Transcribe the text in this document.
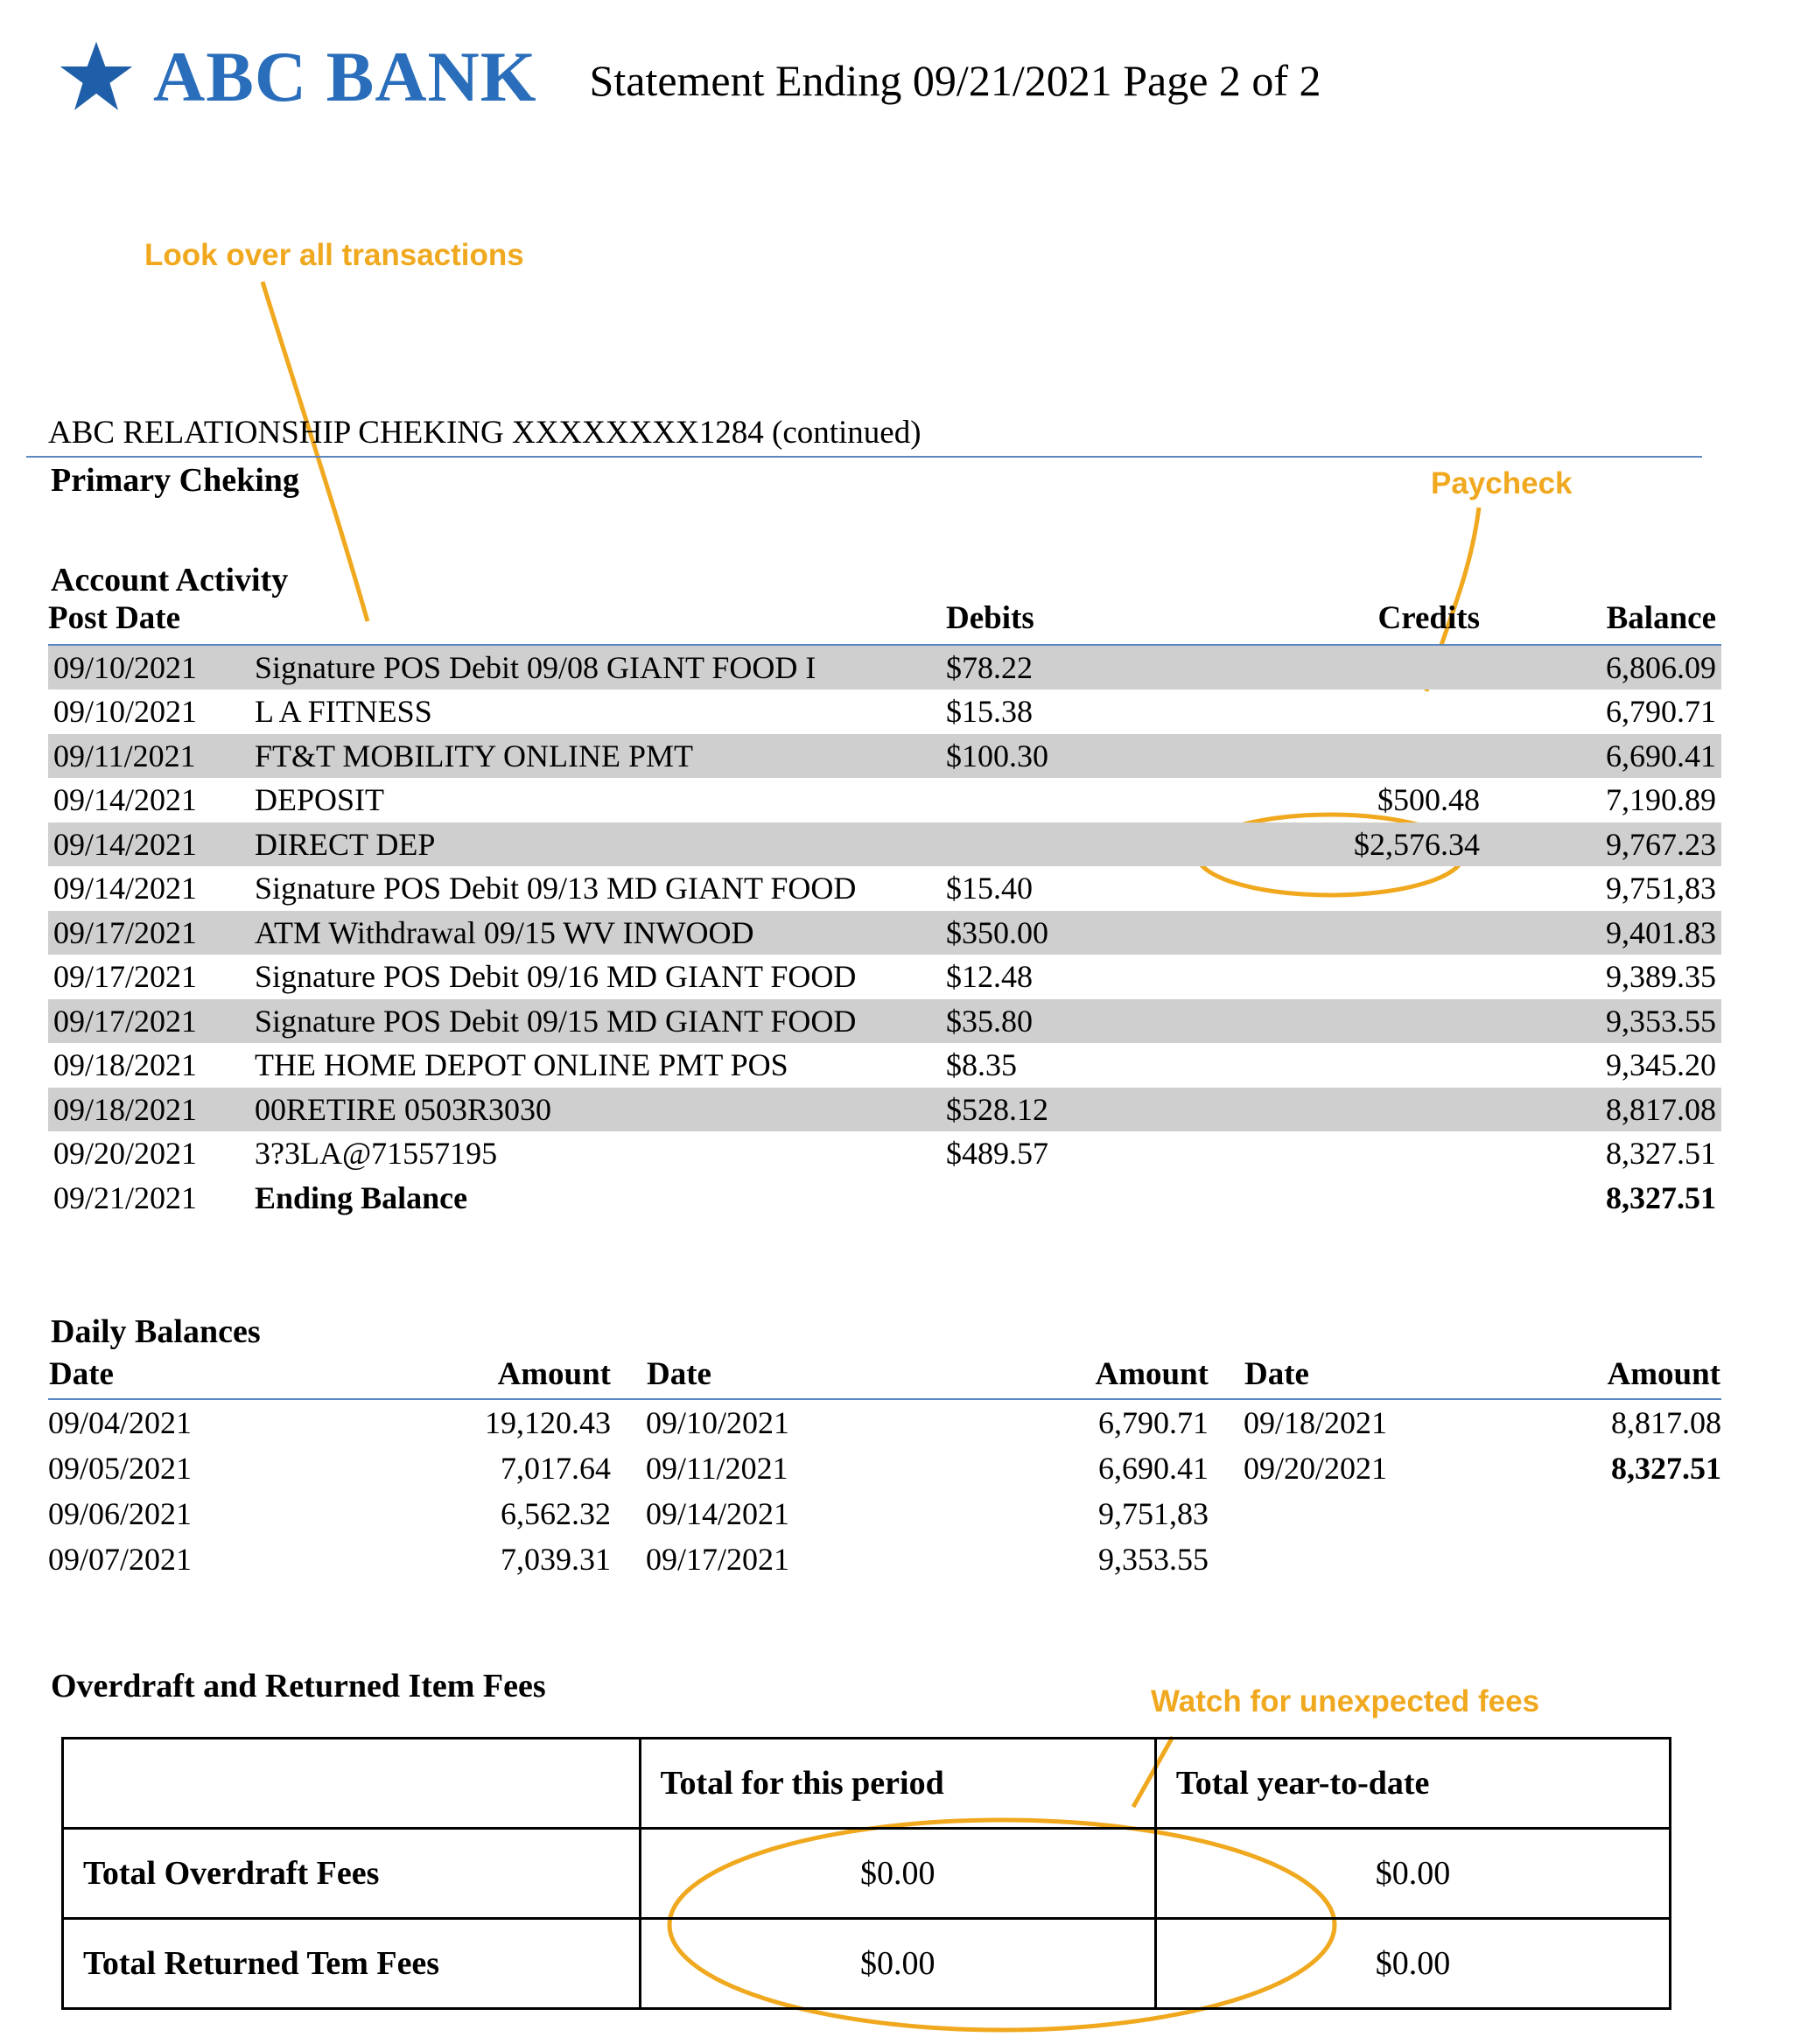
ABC BANK Statement Ending 09/21/2021 Page 2 of 2
Look over all transactions
Paycheck
Watch for unexpected fees
ABC RELATIONSHIP CHEKING XXXXXXXX1284 (continued)
Primary Cheking
Account Activity
Post Date		Debits	Credits	Balance

09/10/2021	Signature POS Debit 09/08 GIANT FOOD I	$78.22		6,806.09
09/10/2021	L A FITNESS	$15.38		6,790.71
09/11/2021	FT&T MOBILITY ONLINE PMT	$100.30		6,690.41
09/14/2021	DEPOSIT		$500.48	7,190.89
09/14/2021	DIRECT DEP		$2,576.34	9,767.23
09/14/2021	Signature POS Debit 09/13 MD GIANT FOOD	$15.40		9,751,83
09/17/2021	ATM Withdrawal 09/15 WV INWOOD	$350.00		9,401.83
09/17/2021	Signature POS Debit 09/16 MD GIANT FOOD	$12.48		9,389.35
09/17/2021	Signature POS Debit 09/15 MD GIANT FOOD	$35.80		9,353.55
09/18/2021	THE HOME DEPOT ONLINE PMT POS	$8.35		9,345.20
09/18/2021	00RETIRE 0503R3030	$528.12		8,817.08
09/20/2021	3?3LA@71557195	$489.57		8,327.51
09/21/2021	Ending Balance			8,327.51
Daily Balances
Date	Amount	Date	Amount	Date	Amount

09/04/2021	19,120.43	09/10/2021	6,790.71	09/18/2021	8,817.08
09/05/2021	7,017.64	09/11/2021	6,690.41	09/20/2021	8,327.51
09/06/2021	6,562.32	09/14/2021	9,751,83		
09/07/2021	7,039.31	09/17/2021	9,353.55		
Overdraft and Returned Item Fees
	Total for this period	Total year-to-date
Total Overdraft Fees	$0.00	$0.00
Total Returned Tem Fees	$0.00	$0.00
